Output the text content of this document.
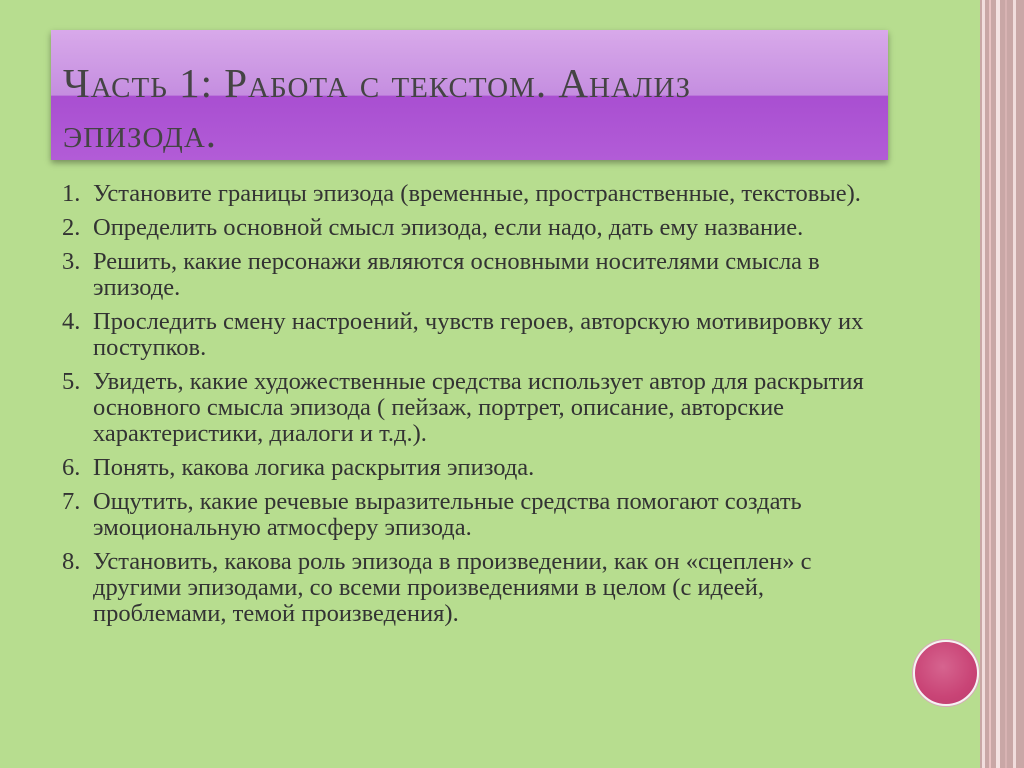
Часть 1: Работа с текстом. Анализ
эпизода.
1. Установите границы эпизода (временные, пространственные, текстовые).
2. Определить основной смысл эпизода, если надо, дать ему название.
3. Решить, какие персонажи являются основными носителями смысла в эпизоде.
4. Проследить смену настроений, чувств героев, авторскую мотивировку их поступков.
5. Увидеть, какие художественные средства использует автор для раскрытия основного смысла эпизода ( пейзаж, портрет, описание, авторские характеристики, диалоги и т.д.).
6. Понять, какова логика раскрытия эпизода.
7. Ощутить, какие речевые выразительные средства помогают создать эмоциональную атмосферу эпизода.
8. Установить, какова роль эпизода в произведении, как он «сцеплен» с другими эпизодами, со всеми произведениями в целом (с идеей, проблемами, темой произведения).
